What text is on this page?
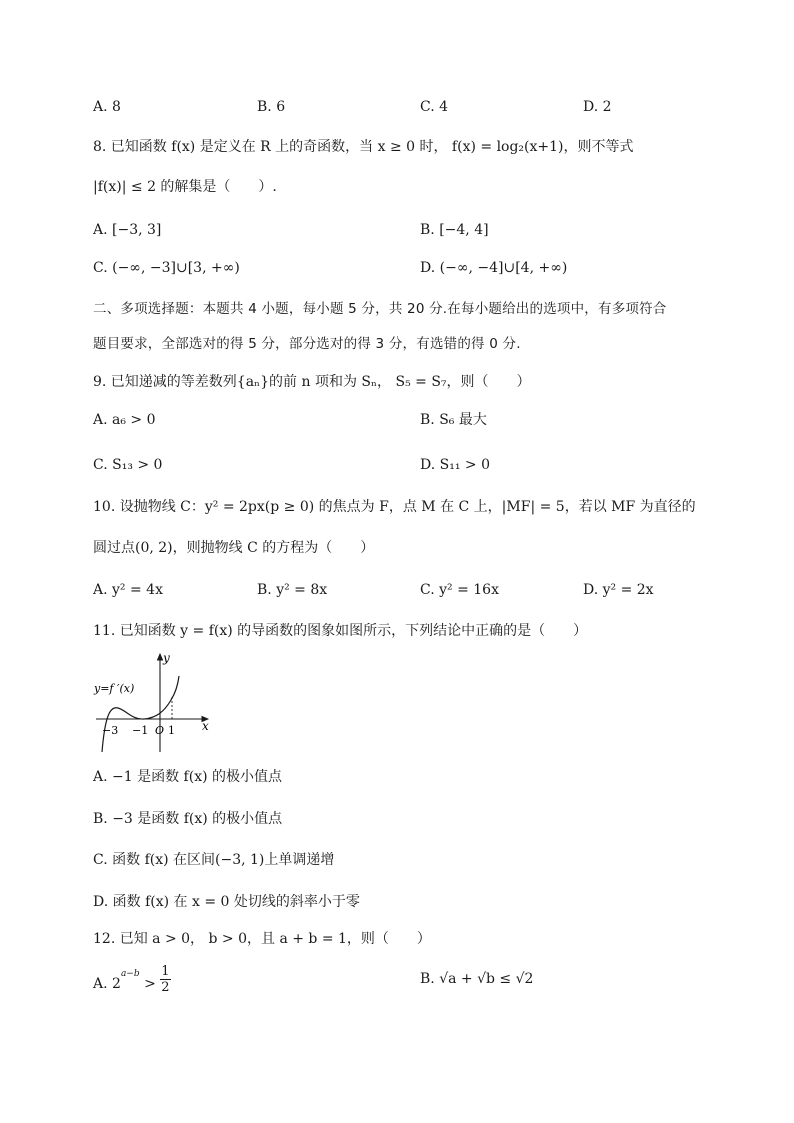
A. 8	B. 6	C. 4	D. 2
8. 已知函数 f(x) 是定义在 R 上的奇函数，当 x ≥ 0 时， f(x) = log₂(x+1)，则不等式
|f(x)| ≤ 2 的解集是（　　）.
A. [−3, 3]	B. [−4, 4]
C. (−∞, −3]∪[3, +∞)	D. (−∞, −4]∪[4, +∞)
二、多项选择题：本题共 4 小题，每小题 5 分，共 20 分.在每小题给出的选项中，有多项符合
题目要求，全部选对的得 5 分，部分选对的得 3 分，有选错的得 0 分.
9. 已知递减的等差数列{aₙ}的前 n 项和为 Sₙ， S₅ = S₇，则（　　）
A. a₆ > 0	B. S₆ 最大
C. S₁₃ > 0	D. S₁₁ > 0
10. 设抛物线 C：y² = 2px(p ≥ 0) 的焦点为 F，点 M 在 C 上，|MF| = 5，若以 MF 为直径的
圆过点(0, 2)，则抛物线 C 的方程为（　　）
A. y² = 4x	B. y² = 8x	C. y² = 16x	D. y² = 2x
11. 已知函数 y = f(x) 的导函数的图象如图所示，下列结论中正确的是（　　）
y=f ′(x)
y
x
−3 −1 O 1
A. −1 是函数 f(x) 的极小值点
B. −3 是函数 f(x) 的极小值点
C. 函数 f(x) 在区间(−3, 1)上单调递增
D. 函数 f(x) 在 x = 0 处切线的斜率小于零
12. 已知 a > 0， b > 0，且 a + b = 1，则（　　）
A. $2^{a-b} > \frac{1}{2}$	B. √a + √b ≤ √2
